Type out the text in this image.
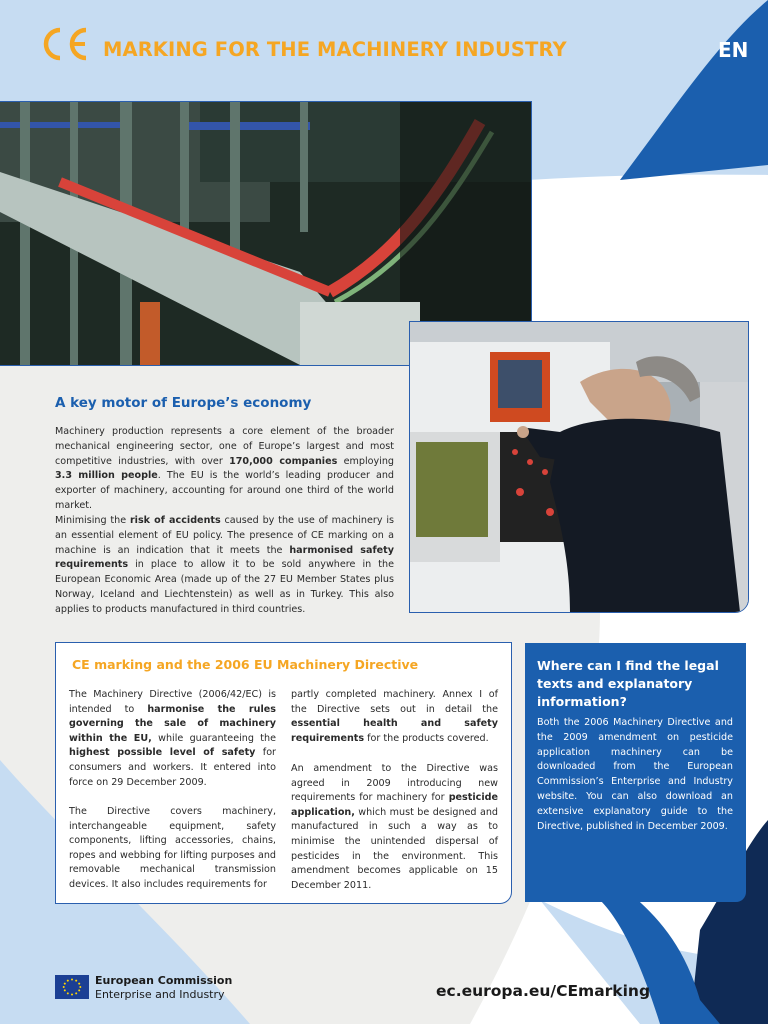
MARKING FOR THE MACHINERY INDUSTRY	EN
A key motor of Europe’s economy

Machinery production represents a core element of the broader mechanical engineering sector, one of Europe’s largest and most competitive industries, with over 170,000 companies employing 3.3 million people. The EU is the world’s leading producer and exporter of machinery, accounting for around one third of the world market.

Minimising the risk of accidents caused by the use of machinery is an essential element of EU policy. The presence of CE marking on a machine is an indication that it meets the harmonised safety requirements in place to allow it to be sold anywhere in the European Economic Area (made up of the 27 EU Member States plus Norway, Iceland and Liechtenstein) as well as in Turkey. This also applies to products manufactured in third countries.

CE marking and the 2006 EU Machinery Directive

The Machinery Directive (2006/42/EC) is intended to harmonise the rules governing the sale of machinery within the EU, while guaranteeing the highest possible level of safety for consumers and workers. It entered into force on 29 December 2009.

The Directive covers machinery, interchangeable equipment, safety components, lifting accessories, chains, ropes and webbing for lifting purposes and removable mechanical transmission devices. It also includes requirements for

partly completed machinery. Annex I of the Directive sets out in detail the essential health and safety requirements for the products covered.

An amendment to the Directive was agreed in 2009 introducing new requirements for machinery for pesticide application, which must be designed and manufactured in such a way as to minimise the unintended dispersal of pesticides in the environment. This amendment becomes applicable on 15 December 2011.

Where can I find the legal texts and explanatory information?

Both the 2006 Machinery Directive and the 2009 amendment on pesticide application machinery can be downloaded from the European Commission’s Enterprise and Industry website. You can also download an extensive explanatory guide to the Directive, published in December 2009.

European Commission
Enterprise and Industry	ec.europa.eu/CEmarking
